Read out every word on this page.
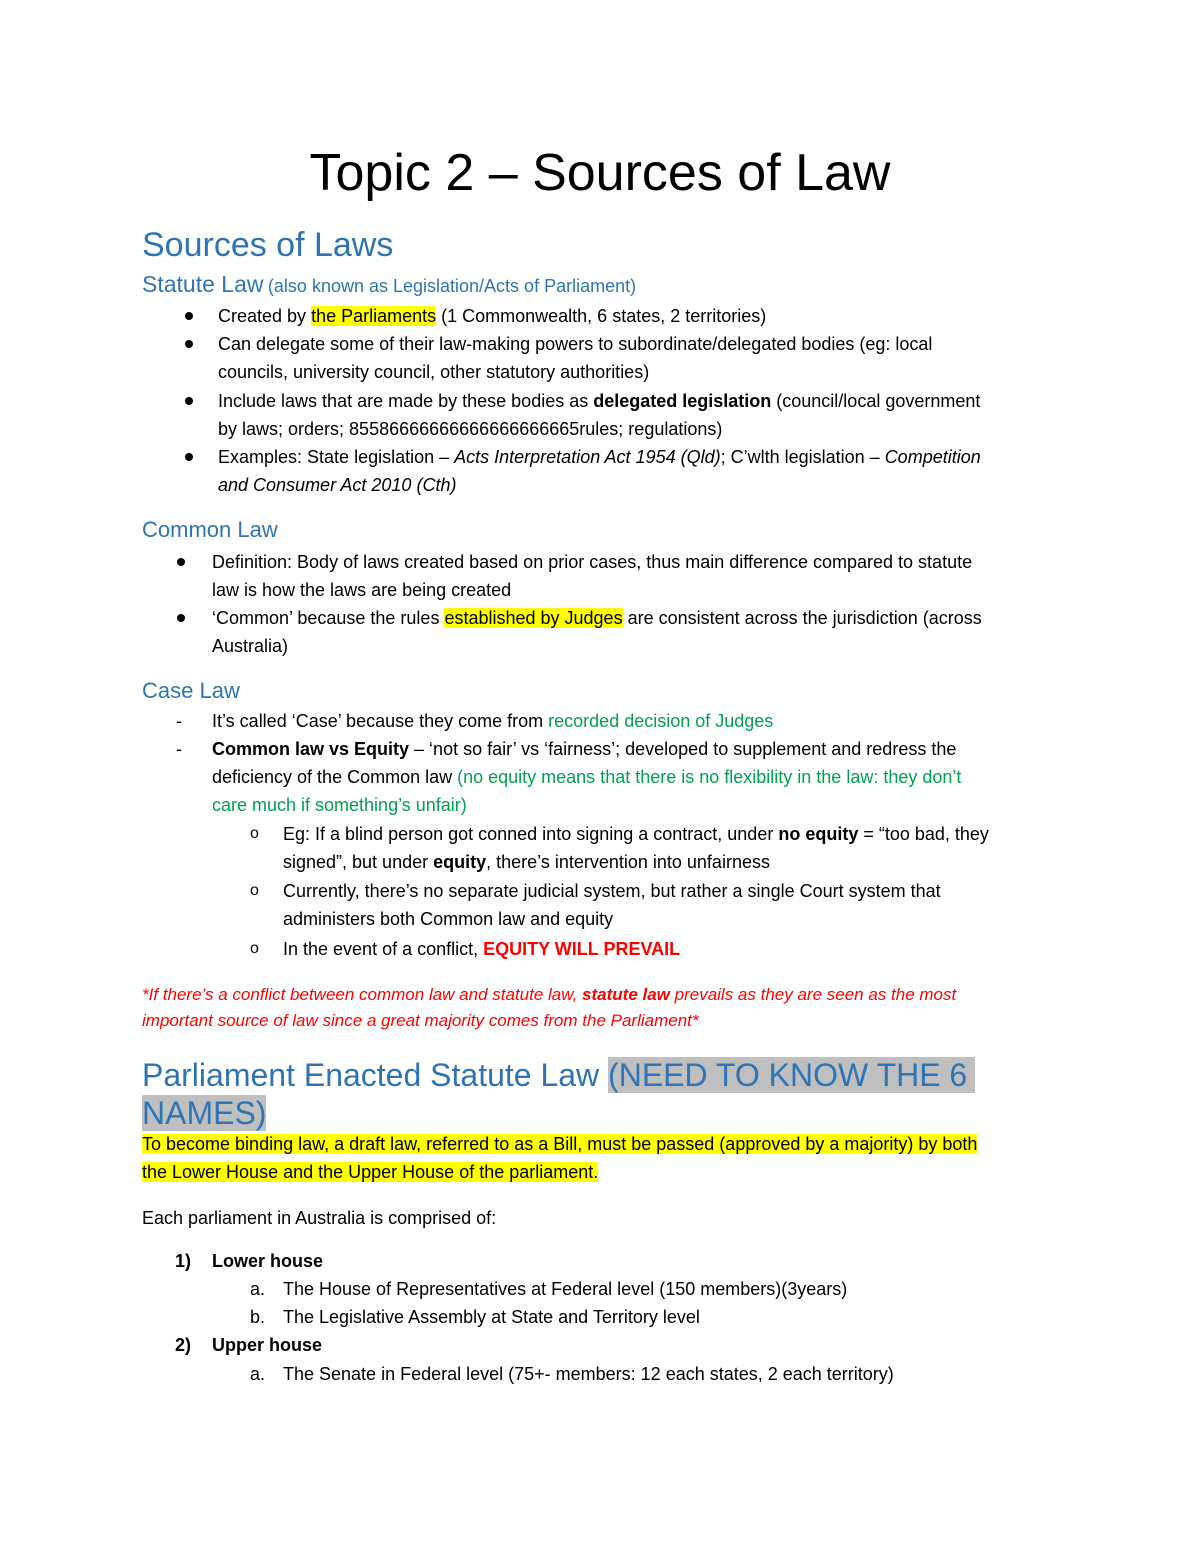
Topic 2 – Sources of Law
Sources of Laws
Statute Law (also known as Legislation/Acts of Parliament)
Created by the Parliaments (1 Commonwealth, 6 states, 2 territories)
Can delegate some of their law-making powers to subordinate/delegated bodies (eg: local
councils, university council, other statutory authorities)
Include laws that are made by these bodies as delegated legislation (council/local government
by laws; orders; 85586666666666666666665rules; regulations)
Examples: State legislation – Acts Interpretation Act 1954 (Qld); C’wlth legislation – Competition
and Consumer Act 2010 (Cth)
Common Law
Definition: Body of laws created based on prior cases, thus main difference compared to statute
law is how the laws are being created
‘Common’ because the rules established by Judges are consistent across the jurisdiction (across
Australia)
Case Law
- It’s called ‘Case’ because they come from recorded decision of Judges
- Common law vs Equity – ‘not so fair’ vs ‘fairness’; developed to supplement and redress the
deficiency of the Common law (no equity means that there is no flexibility in the law: they don’t
care much if something’s unfair)
o Eg: If a blind person got conned into signing a contract, under no equity = “too bad, they
signed”, but under equity, there’s intervention into unfairness
o Currently, there’s no separate judicial system, but rather a single Court system that
administers both Common law and equity
o In the event of a conflict, EQUITY WILL PREVAIL
*If there’s a conflict between common law and statute law, statute law prevails as they are seen as the most
important source of law since a great majority comes from the Parliament*
Parliament Enacted Statute Law (NEED TO KNOW THE 6
NAMES)
To become binding law, a draft law, referred to as a Bill, must be passed (approved by a majority) by both
the Lower House and the Upper House of the parliament.
Each parliament in Australia is comprised of:
1) Lower house
a. The House of Representatives at Federal level (150 members)(3years)
b. The Legislative Assembly at State and Territory level
2) Upper house
a. The Senate in Federal level (75+- members: 12 each states, 2 each territory)
